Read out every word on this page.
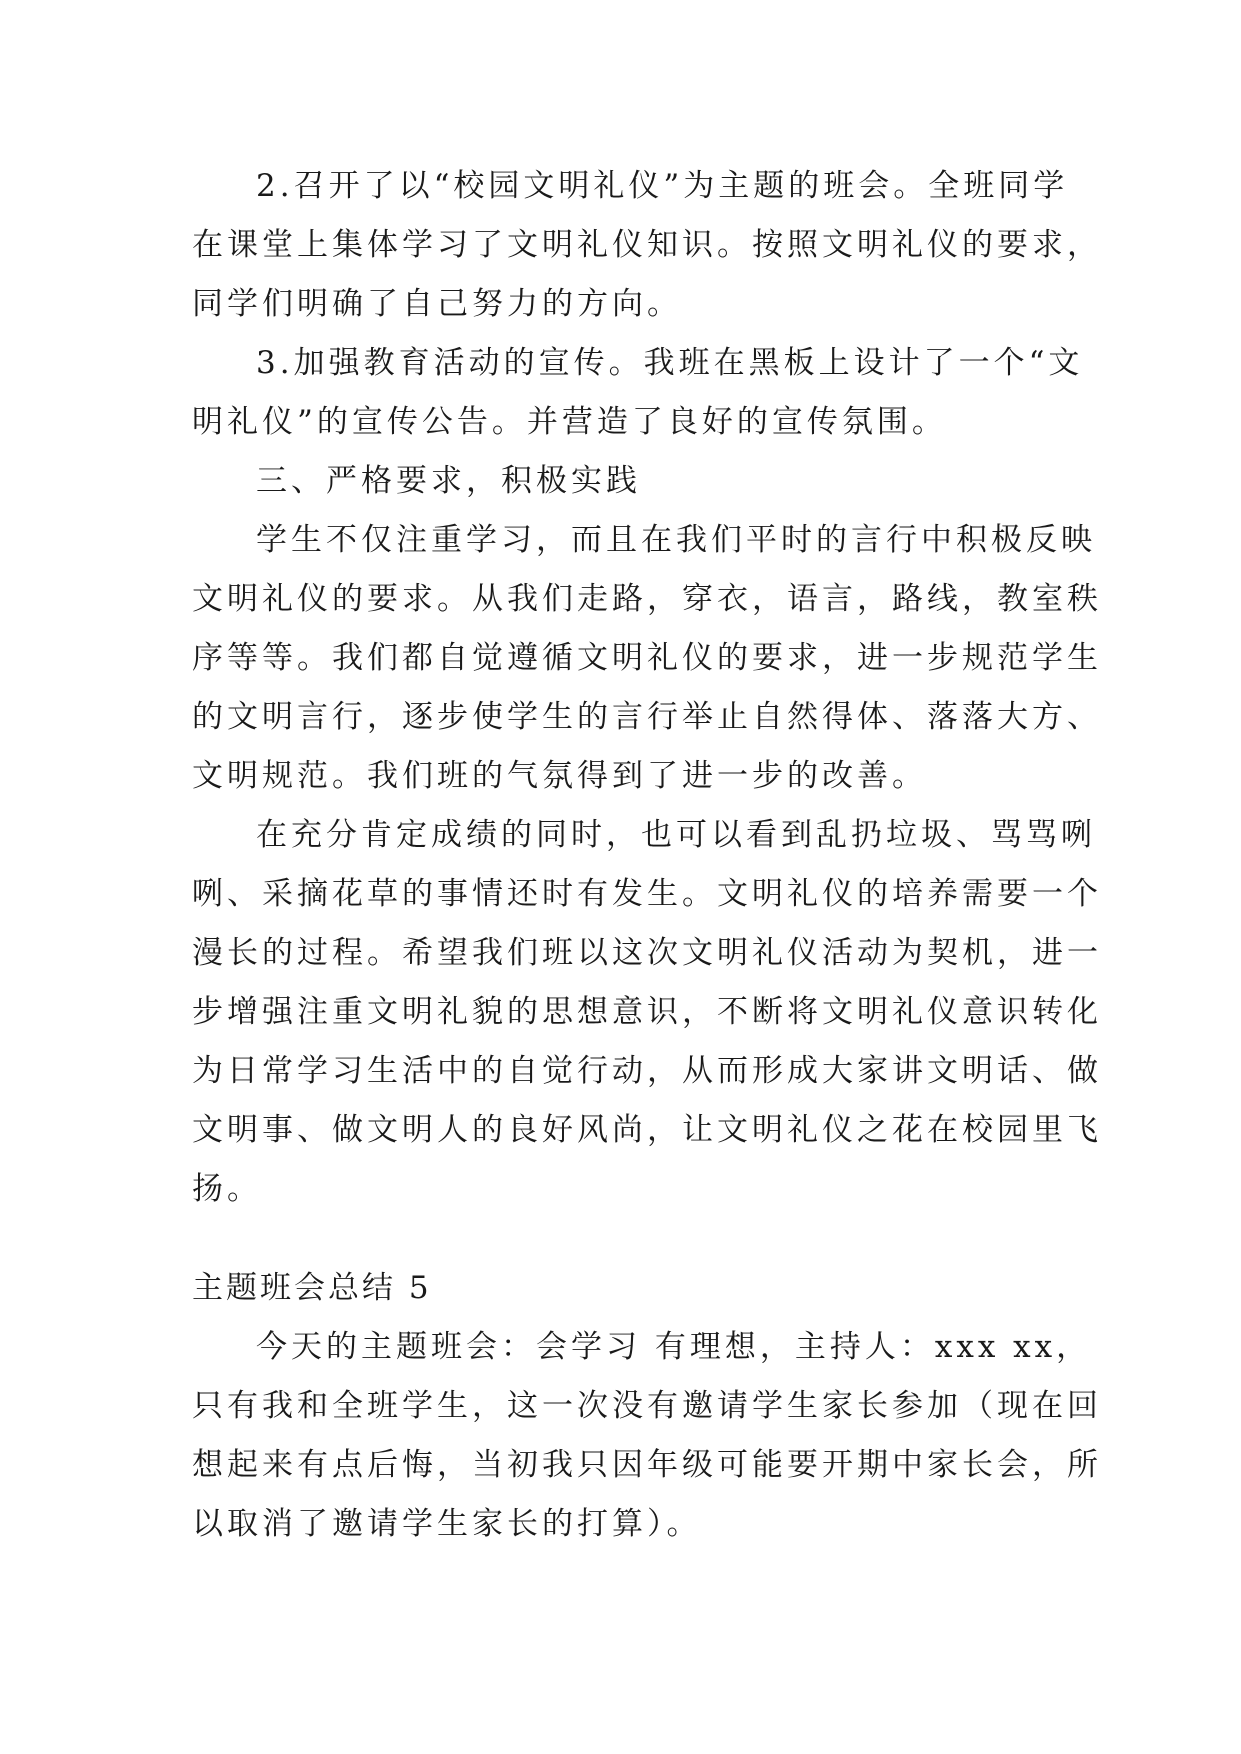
2.召开了以“校园文明礼仪”为主题的班会。全班同学

在课堂上集体学习了文明礼仪知识。按照文明礼仪的要求，

同学们明确了自己努力的方向。

3.加强教育活动的宣传。我班在黑板上设计了一个“文

明礼仪”的宣传公告。并营造了良好的宣传氛围。

三、严格要求，积极实践

学生不仅注重学习，而且在我们平时的言行中积极反映

文明礼仪的要求。从我们走路，穿衣，语言，路线，教室秩

序等等。我们都自觉遵循文明礼仪的要求，进一步规范学生

的文明言行，逐步使学生的言行举止自然得体、落落大方、

文明规范。我们班的气氛得到了进一步的改善。

在充分肯定成绩的同时，也可以看到乱扔垃圾、骂骂咧

咧、采摘花草的事情还时有发生。文明礼仪的培养需要一个

漫长的过程。希望我们班以这次文明礼仪活动为契机，进一

步增强注重文明礼貌的思想意识，不断将文明礼仪意识转化

为日常学习生活中的自觉行动，从而形成大家讲文明话、做

文明事、做文明人的良好风尚，让文明礼仪之花在校园里飞

扬。

主题班会总结 5

今天的主题班会：会学习 有理想，主持人：xxx xx，

只有我和全班学生，这一次没有邀请学生家长参加（现在回

想起来有点后悔，当初我只因年级可能要开期中家长会，所

以取消了邀请学生家长的打算）。
